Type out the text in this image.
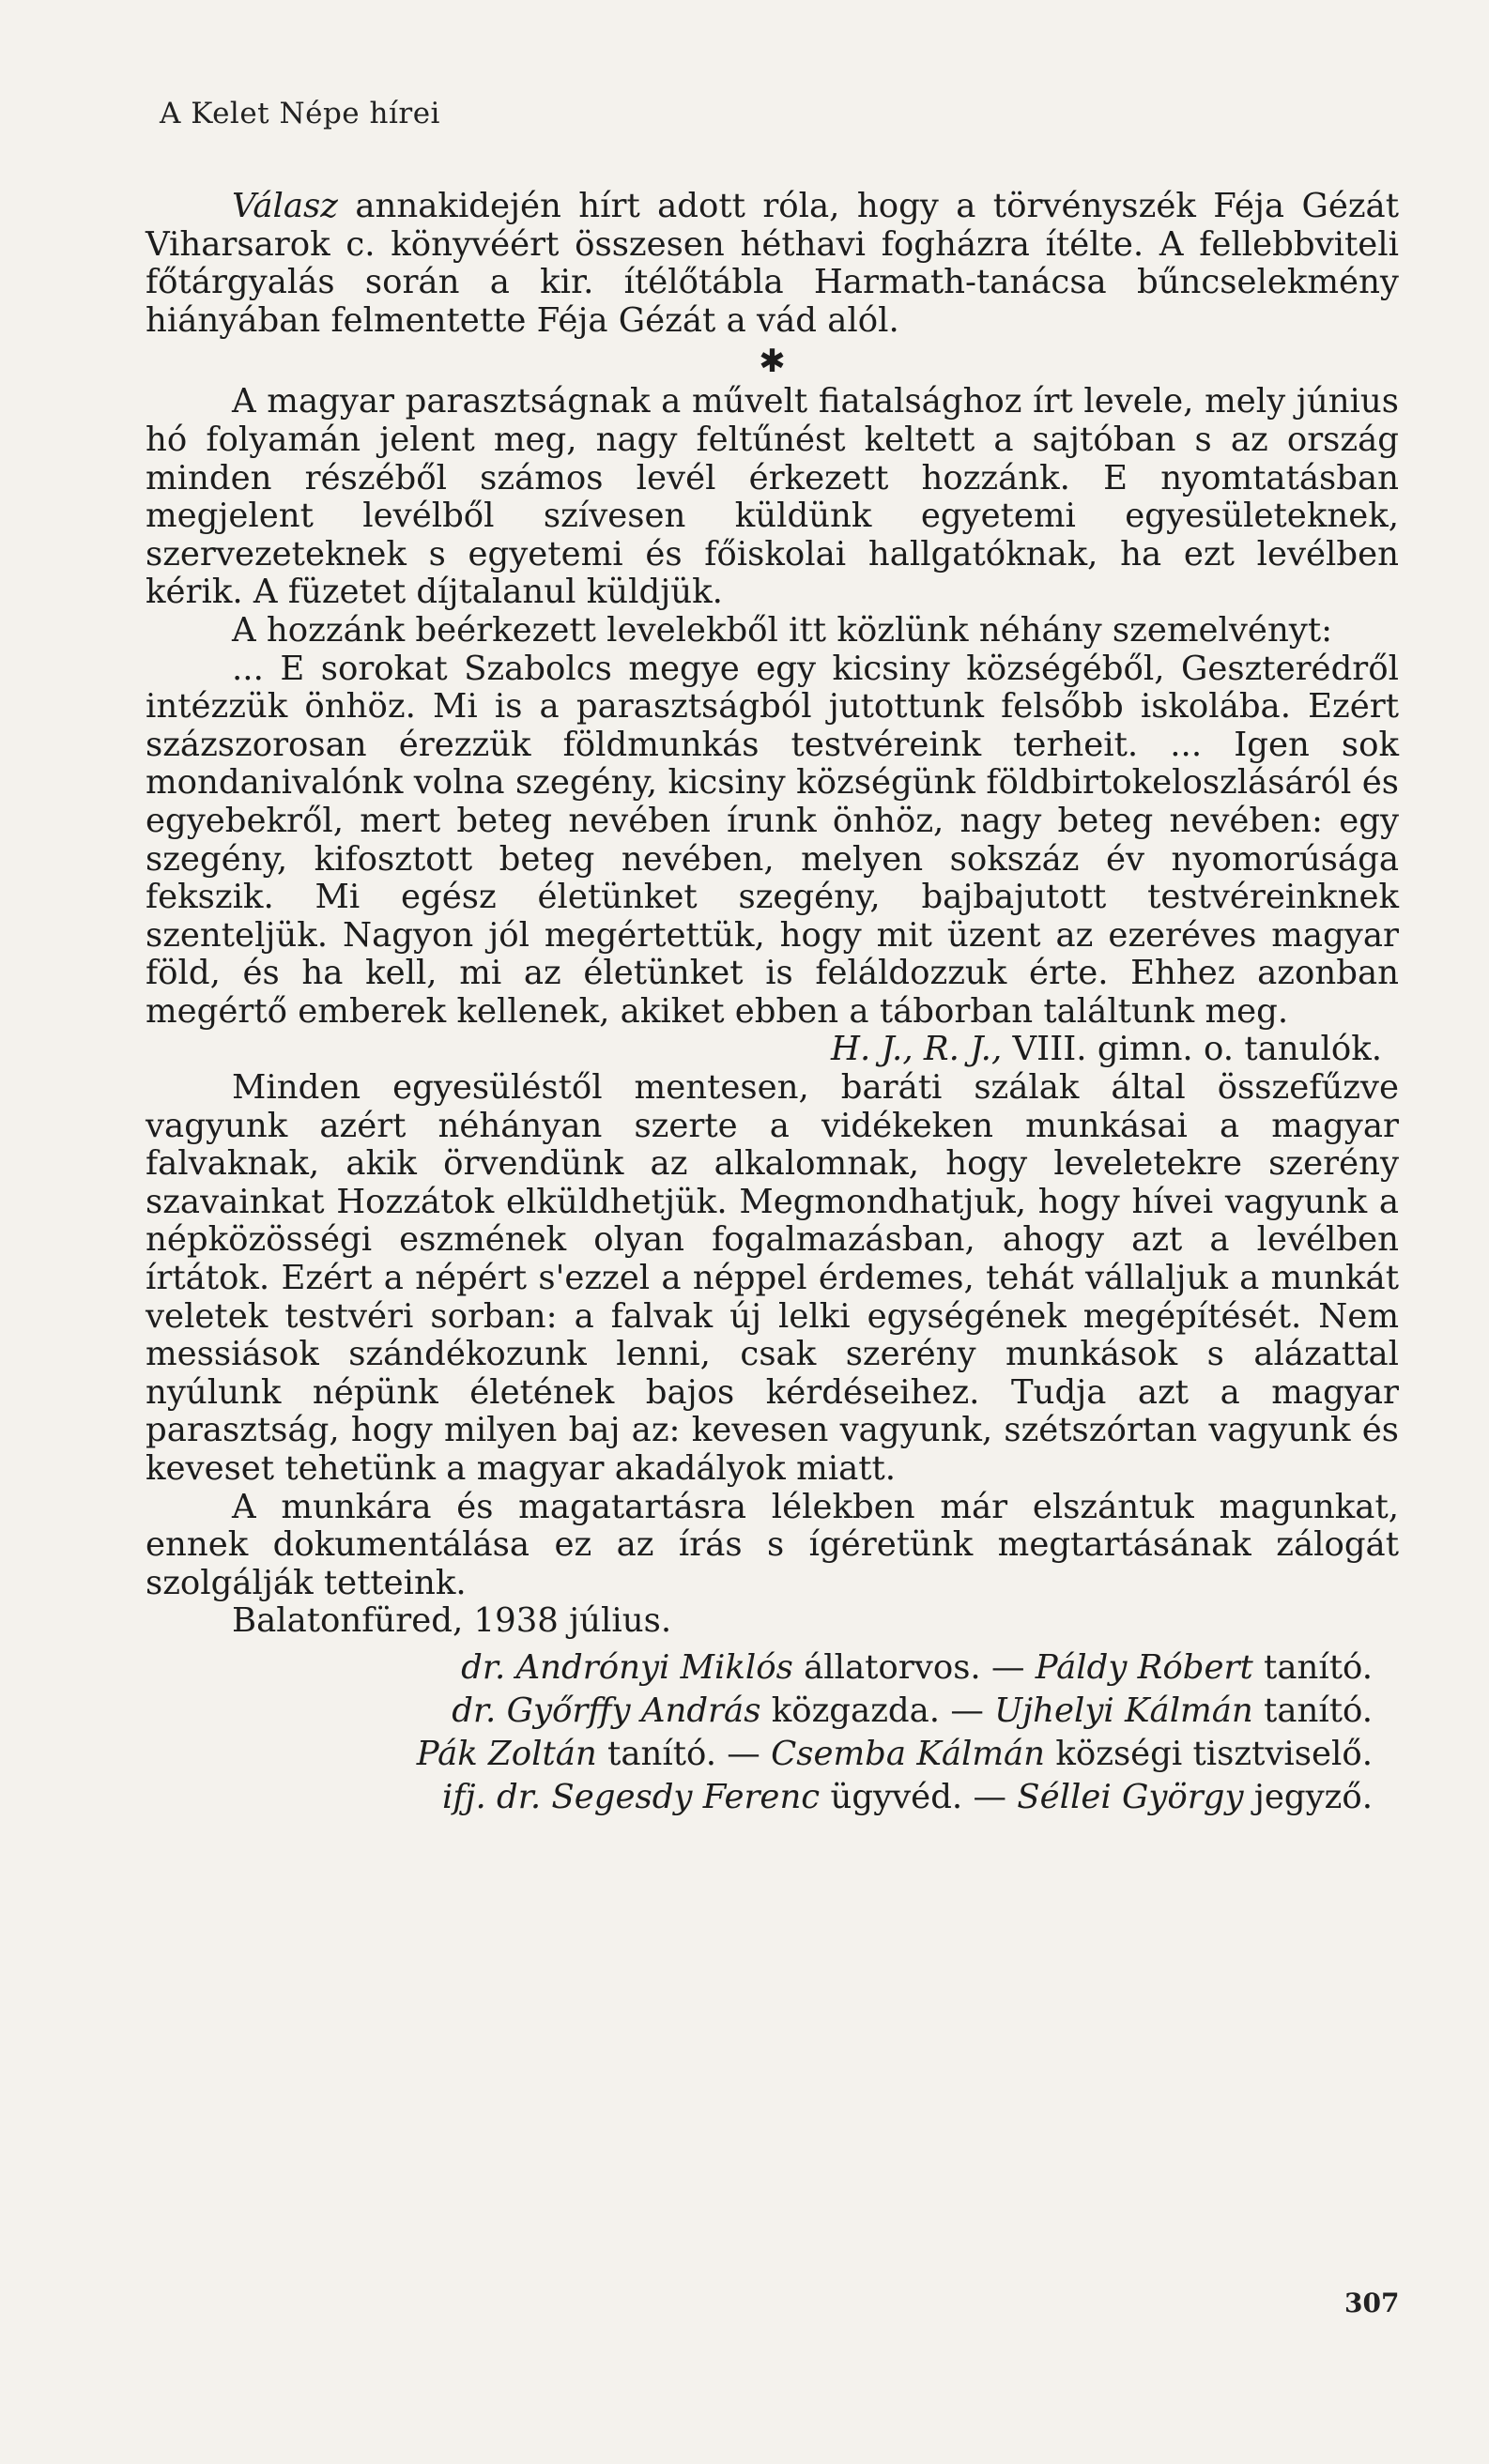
A Kelet Népe hírei

Válasz annakidején hírt adott róla, hogy a törvényszék Féja Gézát Viharsarok c. könyvéért összesen héthavi fogházra ítélte. A fellebbviteli főtárgyalás során a kir. ítélőtábla Harmath-tanácsa bűncselekmény hiányában felmentette Féja Gézát a vád alól.

✱

A magyar parasztságnak a művelt fiatalsághoz írt levele, mely június hó folyamán jelent meg, nagy feltűnést keltett a sajtóban s az ország minden részéből számos levél érkezett hozzánk. E nyomtatásban megjelent levélből szívesen küldünk egyetemi egyesületeknek, szervezeteknek s egyetemi és főiskolai hallgatóknak, ha ezt levélben kérik. A füzetet díjtalanul küldjük.

A hozzánk beérkezett levelekből itt közlünk néhány szemelvényt:

... E sorokat Szabolcs megye egy kicsiny községéből, Geszterédről intézzük önhöz. Mi is a parasztságból jutottunk felsőbb iskolába. Ezért százszorosan érezzük földmunkás testvéreink terheit. ... Igen sok mondanivalónk volna szegény, kicsiny községünk földbirtokeloszlásáról és egyebekről, mert beteg nevében írunk önhöz, nagy beteg nevében: egy szegény, kifosztott beteg nevében, melyen sokszáz év nyomorúsága fekszik. Mi egész életünket szegény, bajbajutott testvéreinknek szenteljük. Nagyon jól megértettük, hogy mit üzent az ezeréves magyar föld, és ha kell, mi az életünket is feláldozzuk érte. Ehhez azonban megértő emberek kellenek, akiket ebben a táborban találtunk meg.

H. J., R. J., VIII. gimn. o. tanulók.

Minden egyesüléstől mentesen, baráti szálak által összefűzve vagyunk azért néhányan szerte a vidékeken munkásai a magyar falvaknak, akik örvendünk az alkalomnak, hogy leveletekre szerény szavainkat Hozzátok elküldhetjük. Megmondhatjuk, hogy hívei vagyunk a népközösségi eszmének olyan fogalmazásban, ahogy azt a levélben írtátok. Ezért a népért s'ezzel a néppel érdemes, tehát vállaljuk a munkát veletek testvéri sorban: a falvak új lelki egységének megépítését. Nem messiások szándékozunk lenni, csak szerény munkások s alázattal nyúlunk népünk életének bajos kérdéseihez. Tudja azt a magyar parasztság, hogy milyen baj az: kevesen vagyunk, szétszórtan vagyunk és keveset tehetünk a magyar akadályok miatt.

A munkára és magatartásra lélekben már elszántuk magunkat, ennek dokumentálása ez az írás s ígéretünk megtartásának zálogát szolgálják tetteink.

Balatonfüred, 1938 július.

dr. Andrónyi Miklós állatorvos. — Páldy Róbert tanító.
dr. Győrffy András közgazda. — Ujhelyi Kálmán tanító.
Pák Zoltán tanító. — Csemba Kálmán községi tisztviselő.
ifj. dr. Segesdy Ferenc ügyvéd. — Séllei György jegyző.
307
